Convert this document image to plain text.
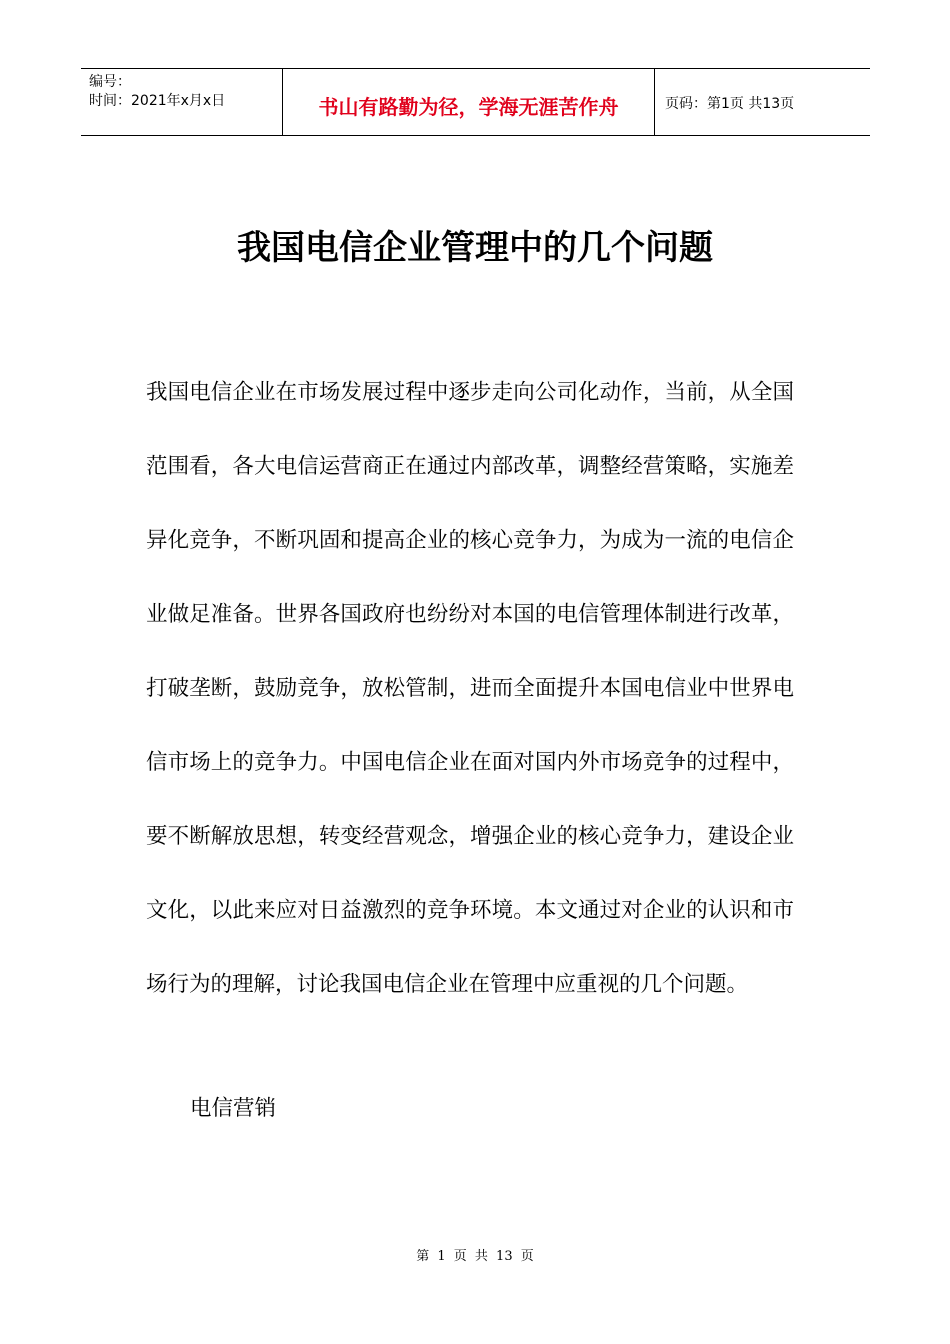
编号：
时间：2021年x月x日	书山有路勤为径，学海无涯苦作舟	页码：第1页 共13页
我国电信企业管理中的几个问题

我国电信企业在市场发展过程中逐步走向公司化动作，当前，从全国范围看，各大电信运营商正在通过内部改革，调整经营策略，实施差异化竞争，不断巩固和提高企业的核心竞争力，为成为一流的电信企业做足准备。世界各国政府也纷纷对本国的电信管理体制进行改革，打破垄断，鼓励竞争，放松管制，进而全面提升本国电信业中世界电信市场上的竞争力。中国电信企业在面对国内外市场竞争的过程中，要不断解放思想，转变经营观念，增强企业的核心竞争力，建设企业文化，以此来应对日益激烈的竞争环境。本文通过对企业的认识和市场行为的理解，讨论我国电信企业在管理中应重视的几个问题。

电信营销

第 1 页 共 13 页
